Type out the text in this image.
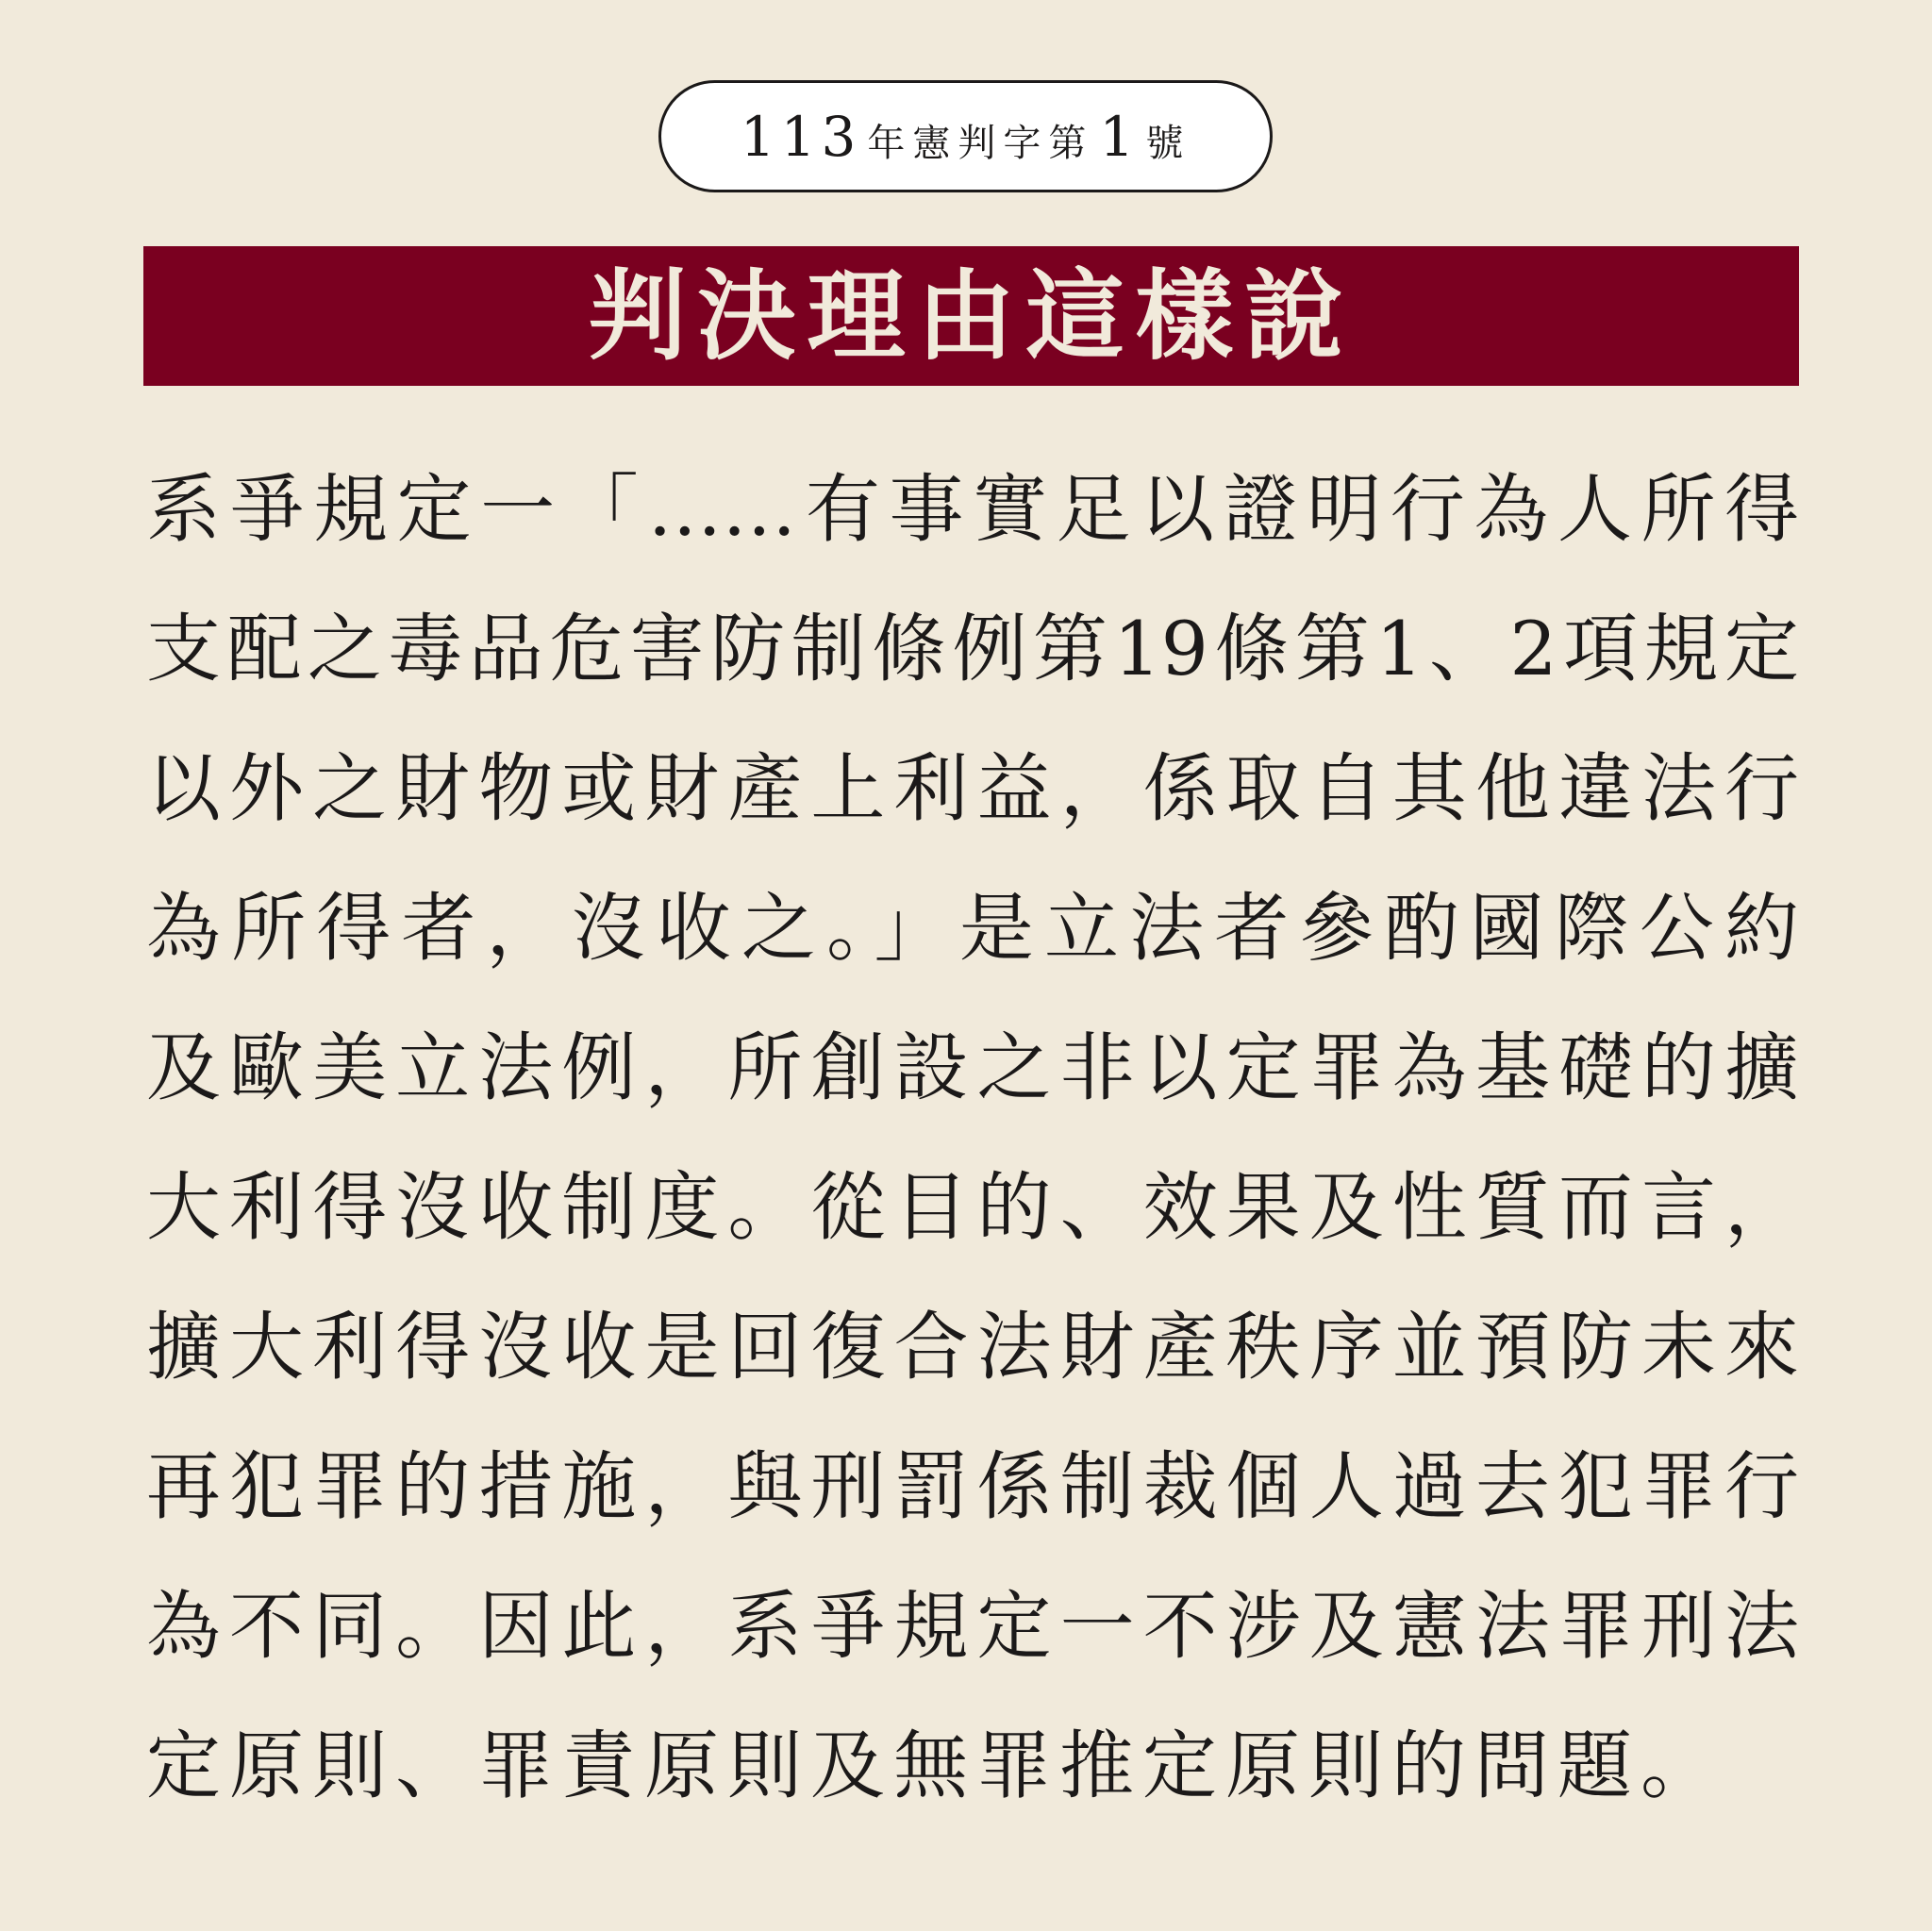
113 年憲判字第 1 號
判決理由這樣說
系爭規定一「……有事實足以證明行為人所得
支配之毒品危害防制條例第19條第1、2項規定
以外之財物或財產上利益，係取自其他違法行
為所得者，沒收之。」是立法者參酌國際公約
及歐美立法例，所創設之非以定罪為基礎的擴
大利得沒收制度。從目的、效果及性質而言，
擴大利得沒收是回復合法財產秩序並預防未來
再犯罪的措施，與刑罰係制裁個人過去犯罪行
為不同。因此，系爭規定一不涉及憲法罪刑法
定原則、罪責原則及無罪推定原則的問題。
